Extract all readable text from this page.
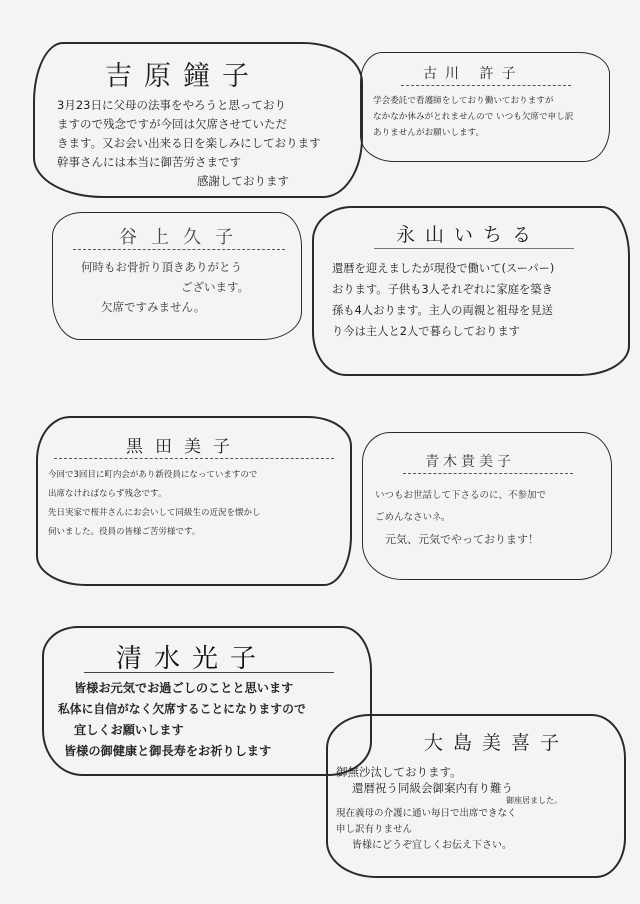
吉原鐘子
3月23日に父母の法事をやろうと思っており
ますので残念ですが今回は欠席させていただ
きます。又お会い出来る日を楽しみにしております
幹事さんには本当に御苦労さまです
感謝しております
古川 許子
学会委託で看護師をしており働いておりますが
なかなか休みがとれませんので いつも欠席で申し訳
ありませんがお願いします。
谷上久子
何時もお骨折り頂きありがとう
ございます。
欠席ですみません。
永山いちる
還暦を迎えましたが現役で働いて(スーパー)
おります。子供も3人それぞれに家庭を築き
孫も4人おります。主人の両親と祖母を見送
り今は主人と2人で暮らしております
黒田美子
今回で3回目に町内会があり新役員になっていますので
出席なければならず残念です。
先日実家で桜井さんにお会いして同級生の近況を懐かし
伺いました。役員の皆様ご苦労様です。
青木貴美子
いつもお世話して下さるのに、不参加で
ごめんなさいネ。
元気、元気でやっております！
清水光子
皆様お元気でお過ごしのことと思います
私体に自信がなく欠席することになりますので
宜しくお願いします
皆様の御健康と御長寿をお祈りします	大島美喜子
御無沙汰しております。
還暦祝う同級会御案内有り難う
御座居ました。
現在義母の介護に通い毎日で出席できなく
申し訳有りません
皆様にどうぞ宜しくお伝え下さい。
